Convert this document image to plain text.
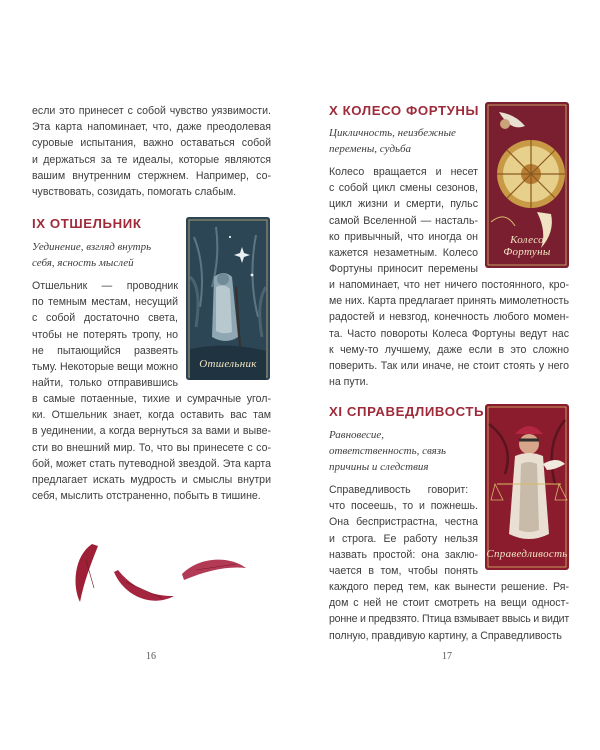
если это принесет с собой чувство уязвимости.
Эта карта напоминает, что, даже преодолевая
суровые испытания, важно оставаться собой
и держаться за те идеалы, которые являются
вашим внутренним стержнем. Например, со-
чувствовать, созидать, помогать слабым.
IX ОТШЕЛЬНИК
Уединение, взгляд внутрь
себя, ясность мыслей
Отшельник — проводник
по темным местам, несущий
с собой достаточно света,
чтобы не потерять тропу, но
не пытающийся развеять
тьму. Некоторые вещи можно
найти, только отправившись
в самые потаенные, тихие и сумрачные угол-
ки. Отшельник знает, когда оставить вас там
в уединении, а когда вернуться за вами и выве-
сти во внешний мир. То, что вы принесете с со-
бой, может стать путеводной звездой. Эта карта
предлагает искать мудрость и смыслы внутри
себя, мыслить отстраненно, побыть в тишине.
Отшельник
16
X КОЛЕСО ФОРТУНЫ
Цикличность, неизбежные
перемены, судьба
Колесо вращается и несет
с собой цикл смены сезонов,
цикл жизни и смерти, пульс
самой Вселенной — насталь-
ко привычный, что иногда он
кажется незаметным. Колесо
Фортуны приносит перемены
и напоминает, что нет ничего постоянного, кро-
ме них. Карта предлагает принять мимолетность
радостей и невзгод, конечность любого момен-
та. Часто повороты Колеса Фортуны ведут нас
к чему-то лучшему, даже если в это сложно
поверить. Так или иначе, не стоит стоять у него
на пути.
Колесо Фортуны
XI СПРАВЕДЛИВОСТЬ
Равновесие,
ответственность, связь
причины и следствия
Справедливость говорит:
что посеешь, то и пожнешь.
Она беспристрастна, честна
и строга. Ее работу нельзя
назвать простой: она заклю-
чается в том, чтобы понять
каждого перед тем, как вынести решение. Ря-
дом с ней не стоит смотреть на вещи одност-
ронне и предвзято. Птица взмывает ввысь и видит
полную, правдивую картину, а Справедливость
Справедливость
17
